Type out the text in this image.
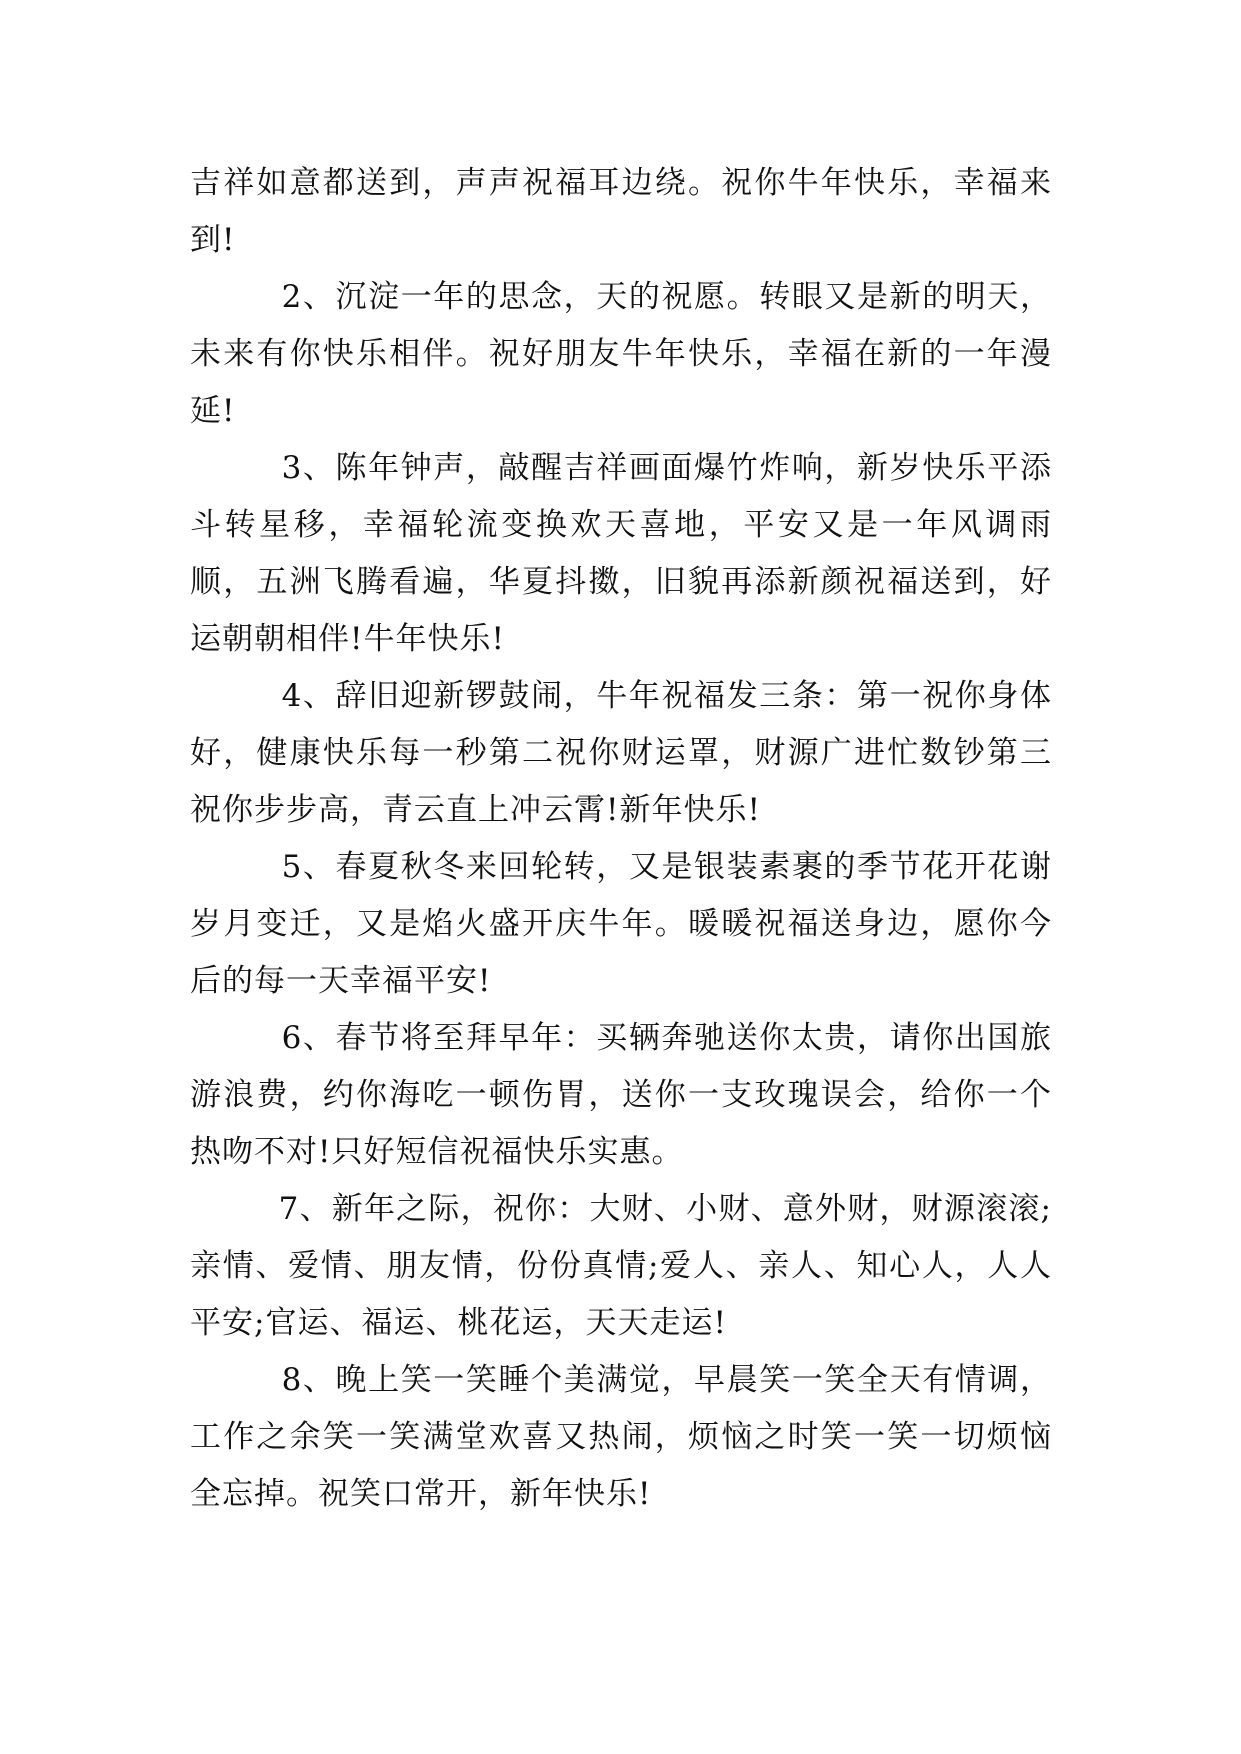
吉祥如意都送到，声声祝福耳边绕。祝你牛年快乐，幸福来到!

2、沉淀一年的思念，天的祝愿。转眼又是新的明天，未来有你快乐相伴。祝好朋友牛年快乐，幸福在新的一年漫延!

3、陈年钟声，敲醒吉祥画面爆竹炸响，新岁快乐平添斗转星移，幸福轮流变换欢天喜地，平安又是一年风调雨顺，五洲飞腾看遍，华夏抖擞，旧貌再添新颜祝福送到，好运朝朝相伴!牛年快乐!

4、辞旧迎新锣鼓闹，牛年祝福发三条：第一祝你身体好，健康快乐每一秒第二祝你财运罩，财源广进忙数钞第三祝你步步高，青云直上冲云霄!新年快乐!

5、春夏秋冬来回轮转，又是银装素裹的季节花开花谢岁月变迁，又是焰火盛开庆牛年。暖暖祝福送身边，愿你今后的每一天幸福平安!

6、春节将至拜早年：买辆奔驰送你太贵，请你出国旅游浪费，约你海吃一顿伤胃，送你一支玫瑰误会，给你一个热吻不对!只好短信祝福快乐实惠。

7、新年之际，祝你：大财、小财、意外财，财源滚滚;亲情、爱情、朋友情，份份真情;爱人、亲人、知心人，人人平安;官运、福运、桃花运，天天走运!

8、晚上笑一笑睡个美满觉，早晨笑一笑全天有情调，工作之余笑一笑满堂欢喜又热闹，烦恼之时笑一笑一切烦恼全忘掉。祝笑口常开，新年快乐!
